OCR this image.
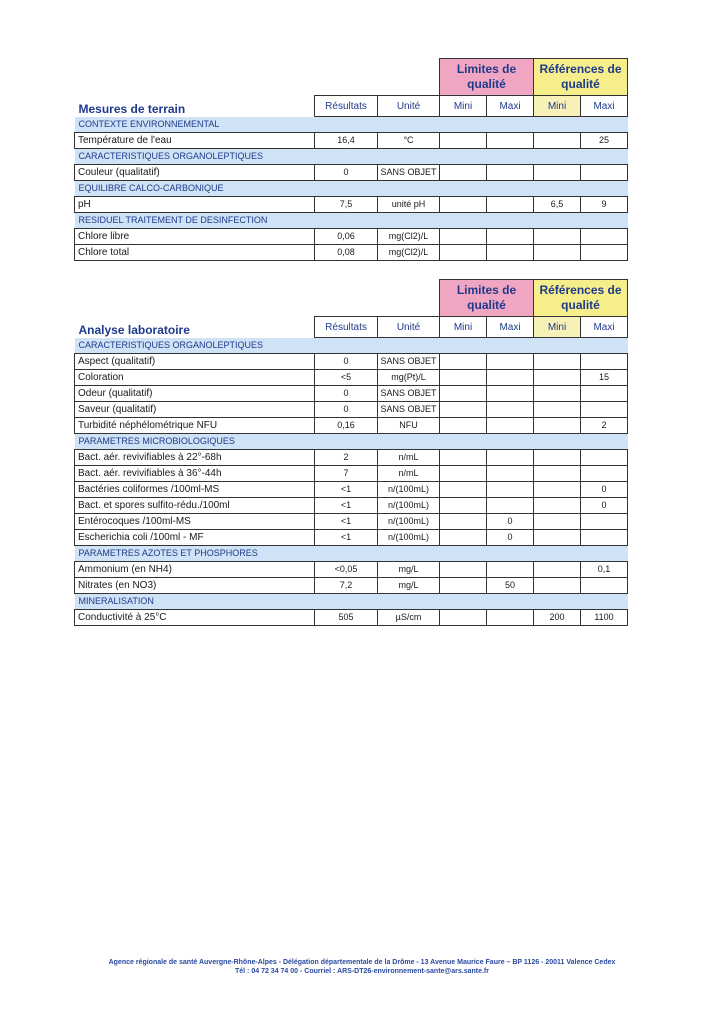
			Limites de qualité		Références de qualité	
Mesures de terrain	Résultats	Unité	Mini	Maxi	Mini	Maxi
CONTEXTE ENVIRONNEMENTAL						
Température de l'eau	16,4	°C				25
CARACTERISTIQUES ORGANOLEPTIQUES						
Couleur (qualitatif)	0	SANS OBJET				
EQUILIBRE CALCO-CARBONIQUE						
pH	7,5	unité pH			6,5	9
RESIDUEL TRAITEMENT DE DESINFECTION						
Chlore libre	0,06	mg(Cl2)/L				
Chlore total	0,08	mg(Cl2)/L				
			Limites de qualité		Références de qualité	
Analyse laboratoire	Résultats	Unité	Mini	Maxi	Mini	Maxi
CARACTERISTIQUES ORGANOLEPTIQUES						
Aspect (qualitatif)	0	SANS OBJET				
Coloration	<5	mg(Pt)/L				15
Odeur (qualitatif)	0	SANS OBJET				
Saveur (qualitatif)	0	SANS OBJET				
Turbidité néphélométrique NFU	0,16	NFU				2
PARAMETRES MICROBIOLOGIQUES						
Bact. aér. revivifiables à 22°-68h	2	n/mL				
Bact. aér. revivifiables à 36°-44h	7	n/mL				
Bactéries coliformes /100ml-MS	<1	n/(100mL)				0
Bact. et spores sulfito-rédu./100ml	<1	n/(100mL)				0
Entérocoques /100ml-MS	<1	n/(100mL)		0		
Escherichia coli /100ml - MF	<1	n/(100mL)		0		
PARAMETRES AZOTES ET PHOSPHORES						
Ammonium (en NH4)	<0,05	mg/L				0,1
Nitrates (en NO3)	7,2	mg/L		50		
MINERALISATION						
Conductivité à 25°C	505	µS/cm			200	1100
Agence régionale de santé Auvergne-Rhône-Alpes - Délégation départementale de la Drôme - 13 Avenue Maurice Faure – BP 1126 - 20011 Valence Cedex
Tél : 04 72 34 74 00 - Courriel : ARS-DT26-environnement-sante@ars.sante.fr
